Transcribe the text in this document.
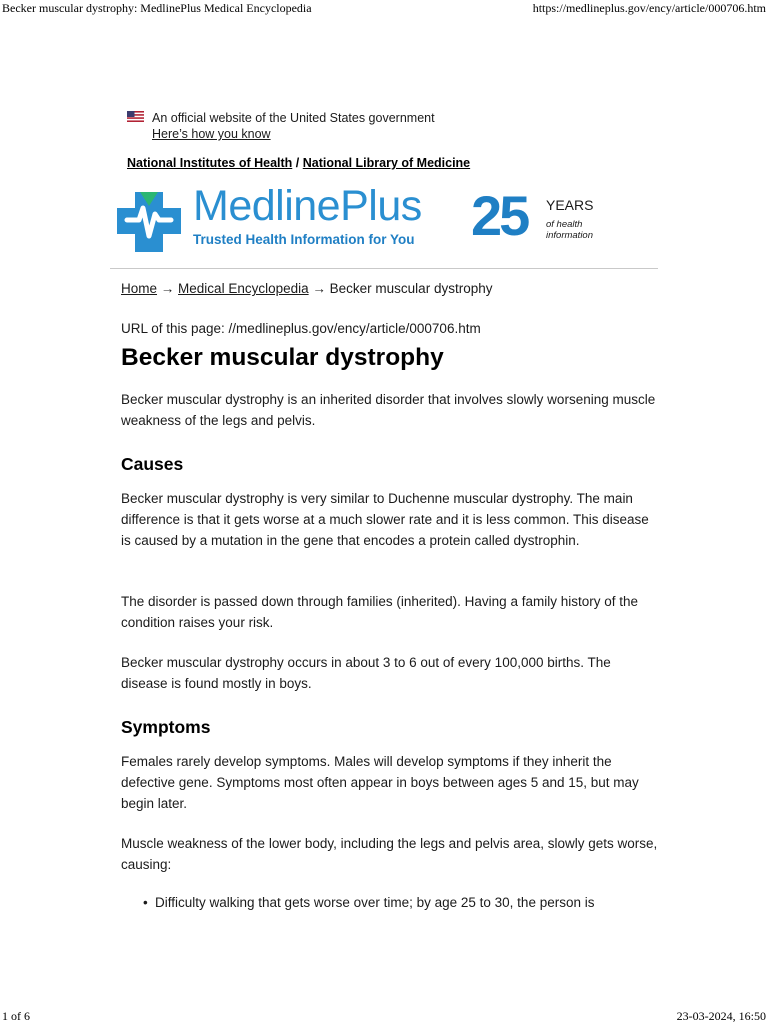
Becker muscular dystrophy: MedlinePlus Medical Encyclopedia	https://medlineplus.gov/ency/article/000706.htm
An official website of the United States government
Here’s how you know
National Institutes of Health / National Library of Medicine
MedlinePlus
Trusted Health Information for You 25 YEARS
of health information
Home → Medical Encyclopedia → Becker muscular dystrophy
URL of this page: //medlineplus.gov/ency/article/000706.htm
Becker muscular dystrophy

Becker muscular dystrophy is an inherited disorder that involves slowly worsening muscle weakness of the legs and pelvis.

Causes

Becker muscular dystrophy is very similar to Duchenne muscular dystrophy. The main difference is that it gets worse at a much slower rate and it is less common. This disease is caused by a mutation in the gene that encodes a protein called dystrophin.

The disorder is passed down through families (inherited). Having a family history of the condition raises your risk.

Becker muscular dystrophy occurs in about 3 to 6 out of every 100,000 births. The disease is found mostly in boys.

Symptoms

Females rarely develop symptoms. Males will develop symptoms if they inherit the defective gene. Symptoms most often appear in boys between ages 5 and 15, but may begin later.

Muscle weakness of the lower body, including the legs and pelvis area, slowly gets worse, causing:

• Difficulty walking that gets worse over time; by age 25 to 30, the person is
1 of 6	23-03-2024, 16:50
